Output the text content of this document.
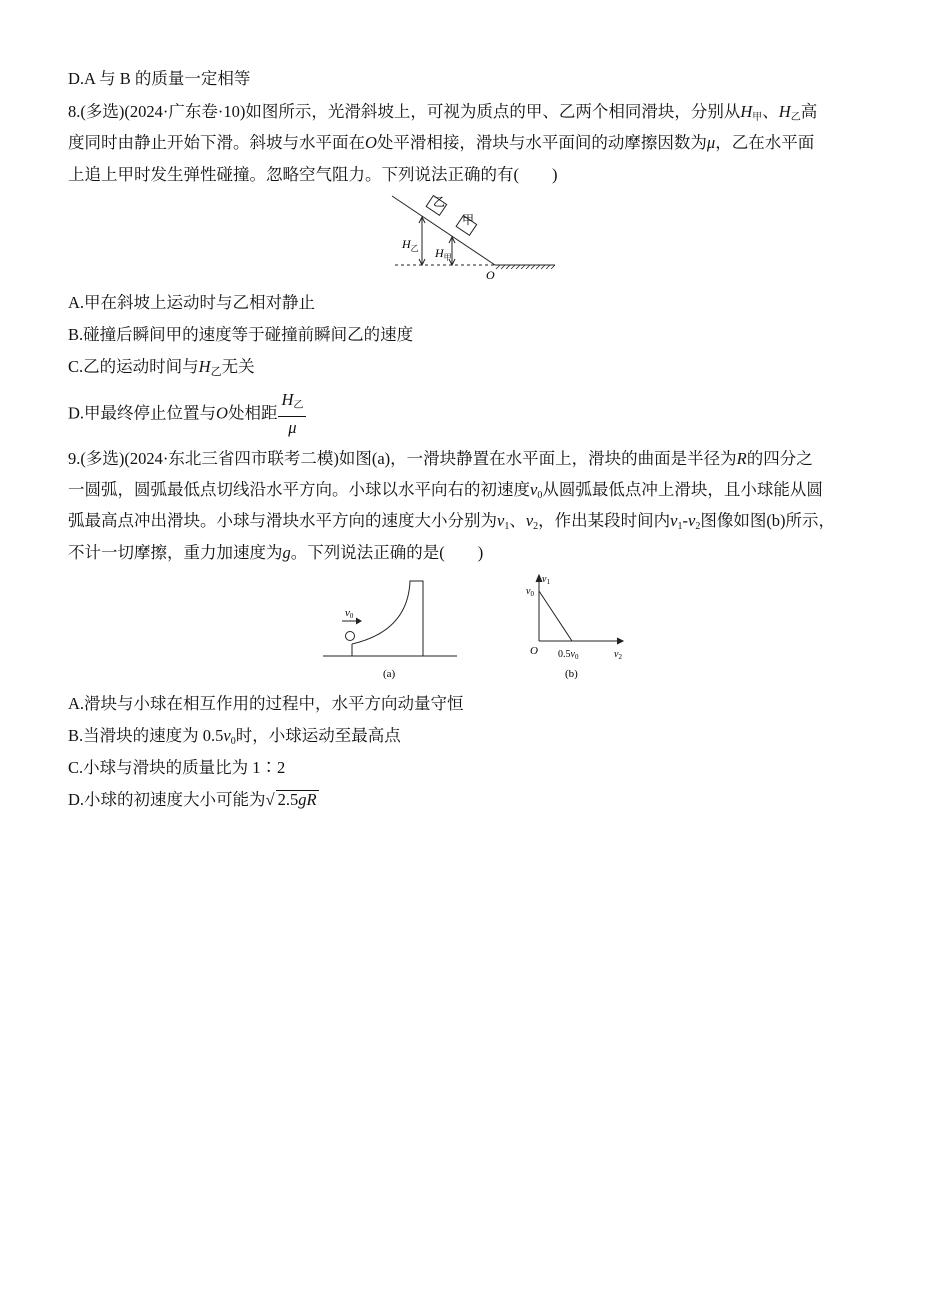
D.A 与 B 的质量一定相等
8.(多选)(2024·广东卷·10)如图所示，光滑斜坡上，可视为质点的甲、乙两个相同滑块，分别从$H_甲$、$H_乙$高
度同时由静止开始下滑。斜坡与水平面在O处平滑相接，滑块与水平面间的动摩擦因数为μ，乙在水平面
上追上甲时发生弹性碰撞。忽略空气阻力。下列说法正确的有(　　)
乙
甲
$H_乙$ $H_甲$
O
A.甲在斜坡上运动时与乙相对静止
B.碰撞后瞬间甲的速度等于碰撞前瞬间乙的速度
C.乙的运动时间与$H_乙$无关
D.甲最终停止位置与O处相距 $\frac{H_乙}{\mu}$
9.(多选)(2024·东北三省四市联考二模)如图(a)，一滑块静置在水平面上，滑块的曲面是半径为R的四分之
一圆弧，圆弧最低点切线沿水平方向。小球以水平向右的初速度$v_0$从圆弧最低点冲上滑块，且小球能从圆
弧最高点冲出滑块。小球与滑块水平方向的速度大小分别为$v_1$、$v_2$，作出某段时间内$v_1-v_2$图像如图(b)所示，
不计一切摩擦，重力加速度为g。下列说法正确的是(　　)
v0
(a)
$v_1$
$v_0$
O $0.5v_0$	$v_2$
(b)
A.滑块与小球在相互作用的过程中，水平方向动量守恒
B.当滑块的速度为 $0.5v_0$时，小球运动至最高点
C.小球与滑块的质量比为 1∶2
D.小球的初速度大小可能为√ 2.5gR
